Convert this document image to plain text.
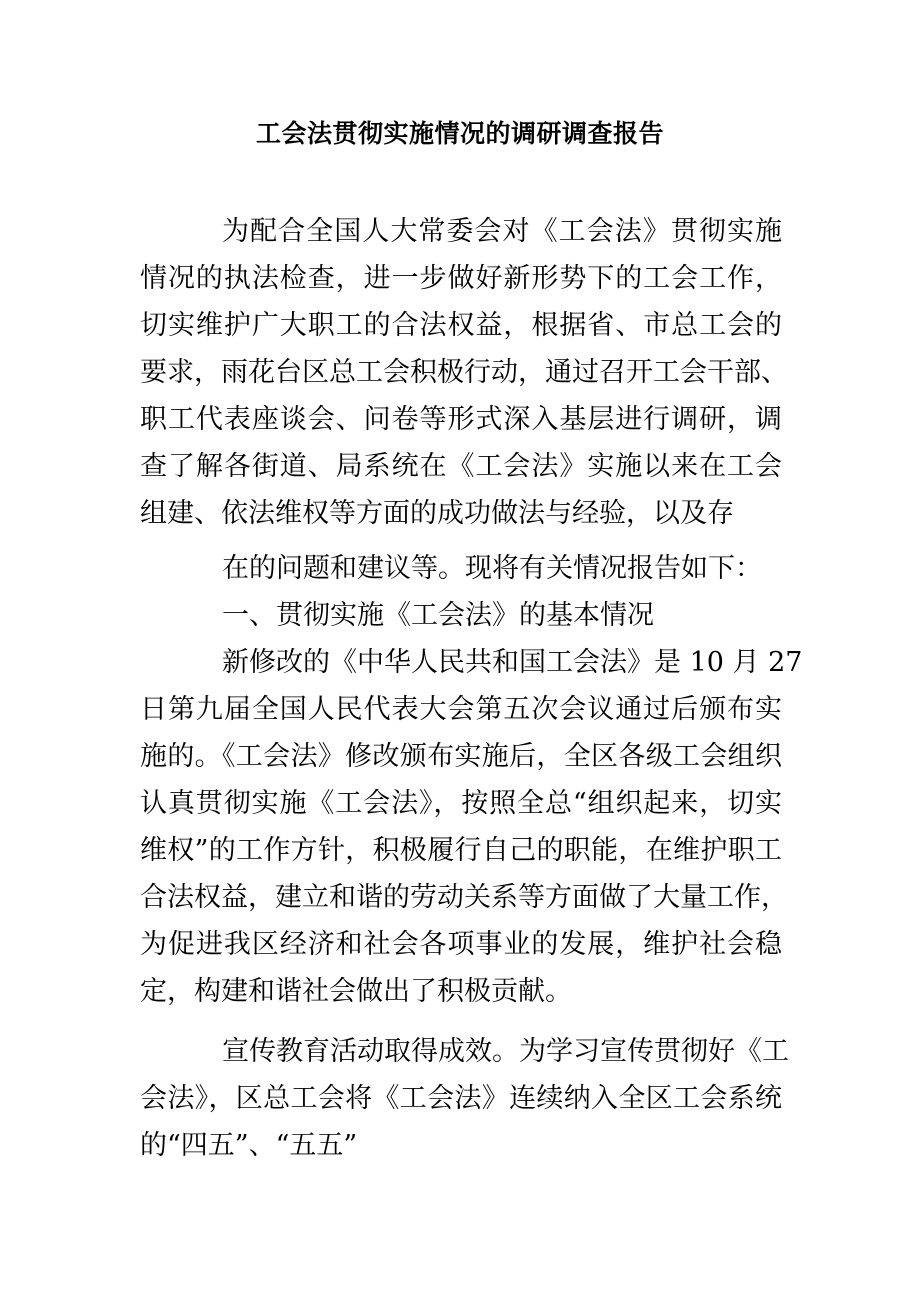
工会法贯彻实施情况的调研调查报告
为配合全国人大常委会对《工会法》贯彻实施
情况的执法检查，进一步做好新形势下的工会工作，
切实维护广大职工的合法权益，根据省、市总工会的
要求，雨花台区总工会积极行动，通过召开工会干部、
职工代表座谈会、问卷等形式深入基层进行调研，调
查了解各街道、局系统在《工会法》实施以来在工会
组建、依法维权等方面的成功做法与经验，以及存
在的问题和建议等。现将有关情况报告如下：
一、贯彻实施《工会法》的基本情况
新修改的《中华人民共和国工会法》是 10 月 27
日第九届全国人民代表大会第五次会议通过后颁布实
施的。《工会法》修改颁布实施后，全区各级工会组织
认真贯彻实施《工会法》，按照全总“组织起来，切实
维权”的工作方针，积极履行自己的职能，在维护职工
合法权益，建立和谐的劳动关系等方面做了大量工作，
为促进我区经济和社会各项事业的发展，维护社会稳
定，构建和谐社会做出了积极贡献。
宣传教育活动取得成效。为学习宣传贯彻好《工
会法》，区总工会将《工会法》连续纳入全区工会系统
的“四五”、“五五”
